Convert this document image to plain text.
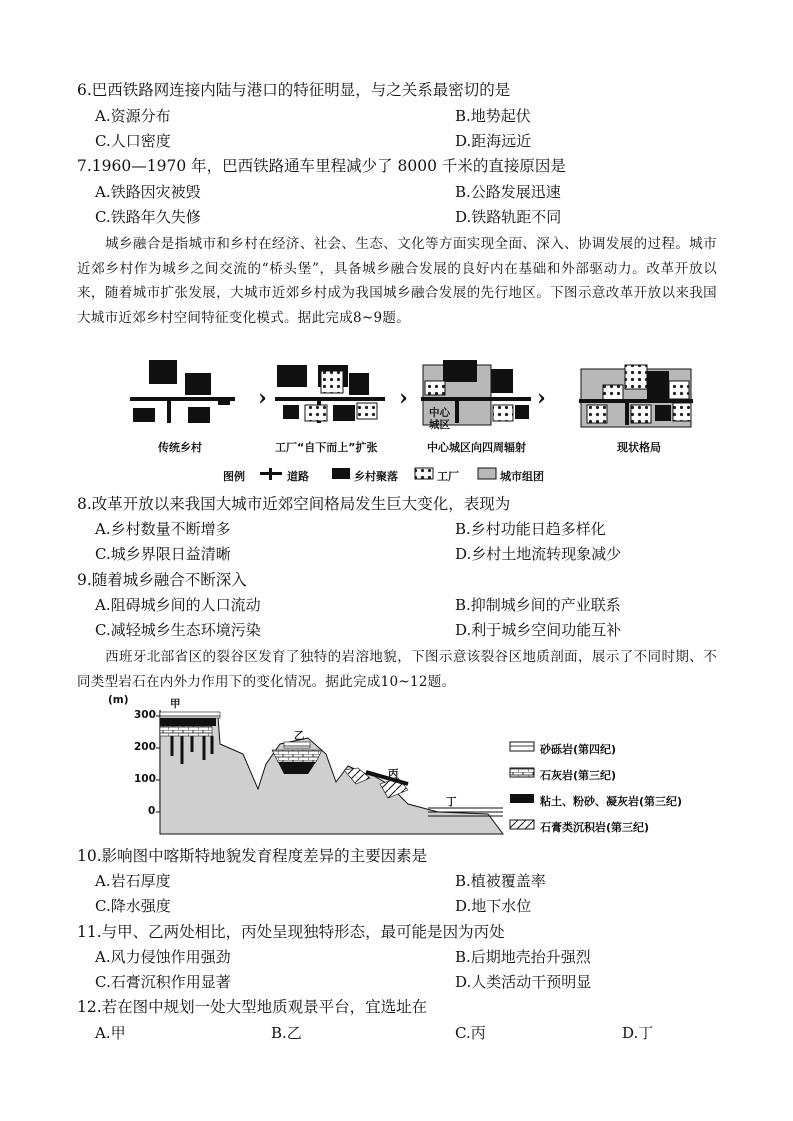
6.巴西铁路网连接内陆与港口的特征明显，与之关系最密切的是
A.资源分布	B.地势起伏
C.人口密度	D.距海远近
7.1960—1970 年，巴西铁路通车里程减少了 8000 千米的直接原因是
A.铁路因灾被毁	B.公路发展迅速
C.铁路年久失修	D.铁路轨距不同
城乡融合是指城市和乡村在经济、社会、生态、文化等方面实现全面、深入、协调发展的过程。城市近郊乡村作为城乡之间交流的“桥头堡”，具备城乡融合发展的良好内在基础和外部驱动力。改革开放以来，随着城市扩张发展，大城市近郊乡村成为我国城乡融合发展的先行地区。下图示意改革开放以来我国大城市近郊乡村空间特征变化模式。据此完成8~9题。
›	›	›
中心
城区
传统乡村	工厂“自下而上”扩张	中心城区向四周辐射	现状格局
图例	道路	乡村聚落	工厂	城市组团
8.改革开放以来我国大城市近郊空间格局发生巨大变化，表现为
A.乡村数量不断增多	B.乡村功能日趋多样化
C.城乡界限日益清晰	D.乡村土地流转现象减少
9.随着城乡融合不断深入
A.阻碍城乡间的人口流动	B.抑制城乡间的产业联系
C.减轻城乡生态环境污染	D.利于城乡空间功能互补
西班牙北部省区的裂谷区发育了独特的岩溶地貌，下图示意该裂谷区地质剖面，展示了不同时期、不同类型岩石在内外力作用下的变化情况。据此完成10~12题。
(m)
300
200
100
0
甲
乙
丙
丁
砂砾岩(第四纪)
石灰岩(第三纪)
粘土、粉砂、凝灰岩(第三纪)
石膏类沉积岩(第三纪)
10.影响图中喀斯特地貌发育程度差异的主要因素是
A.岩石厚度	B.植被覆盖率
C.降水强度	D.地下水位
11.与甲、乙两处相比，丙处呈现独特形态，最可能是因为丙处
A.风力侵蚀作用强劲	B.后期地壳抬升强烈
C.石膏沉积作用显著	D.人类活动干预明显
12.若在图中规划一处大型地质观景平台，宜选址在
A.甲	B.乙	C.丙	D.丁
